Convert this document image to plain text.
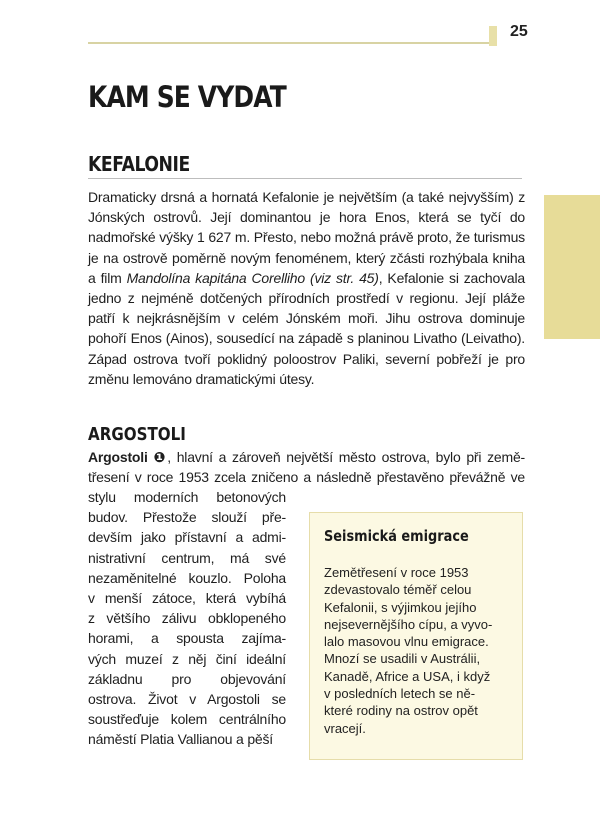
25
KAM SE VYDAT
KEFALONIE

Dramaticky drsná a hornatá Kefalonie je největším (a také nejvyšším) z Jónských ostrovů. Její dominantou je hora Enos, která se tyčí do nadmořské výšky 1 627 m. Přesto, nebo možná právě proto, že turismus je na ostrově poměrně novým fenoménem, který zčásti rozhýbala kniha a film Mandolína kapitána Corelliho (viz str. 45), Kefalonie si zachovala jedno z nejméně dotčených přírodních prostředí v regionu. Její pláže patří k nejkrásnějším v celém Jónském moři. Jihu ostrova dominuje pohoří Enos (Ainos), sousedící na západě s planinou Livatho (Leivatho). Západ ostrova tvoří poklidný poloostrov Paliki, severní pobřeží je pro změnu lemováno dramatickými útesy.

ARGOSTOLI

Argostoli ❶, hlavní a zároveň největší město ostrova, bylo při země-
třesení v roce 1953 zcela zničeno a následně přestavěno převážně ve

stylu moderních betonových
budov. Přestože slouží pře-
devším jako přístavní a admi-
nistrativní centrum, má své
nezaměnitelné kouzlo. Poloha
v menší zátoce, která vybíhá
z většího zálivu obklopeného
horami, a spousta zajíma-
vých muzeí z něj činí ideální
základnu pro objevování
ostrova. Život v Argostoli se
soustřeďuje kolem centrálního
náměstí Platia Vallianou a pěší

Seismická emigrace

Zemětřesení v roce 1953
zdevastovalo téměř celou
Kefalonii, s výjimkou jejího
nejsevernějšího cípu, a vyvo-
lalo masovou vlnu emigrace.
Mnozí se usadili v Austrálii,
Kanadě, Africe a USA, i když
v posledních letech se ně-
které rodiny na ostrov opět
vracejí.
